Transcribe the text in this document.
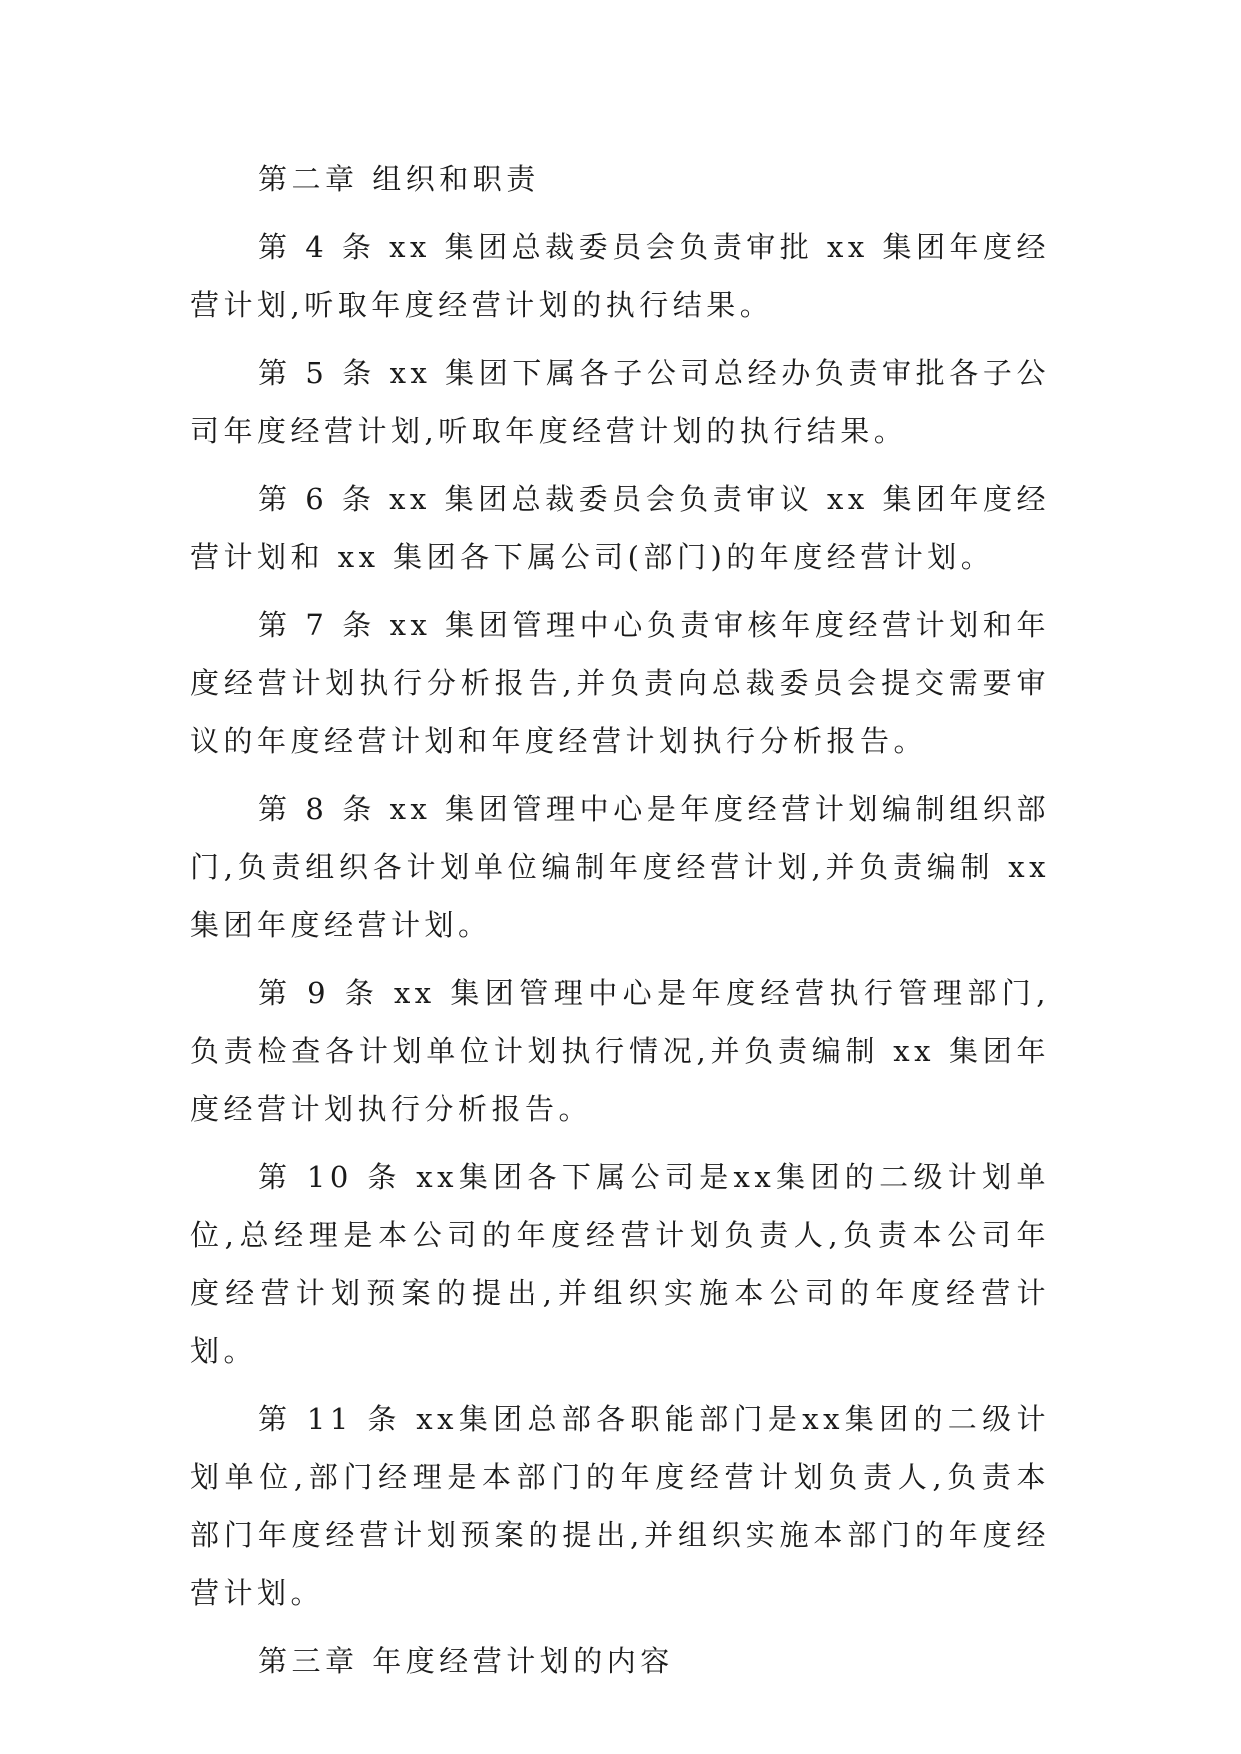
第二章 组织和职责

第 4 条 xx 集团总裁委员会负责审批 xx 集团年度经营计划,听取年度经营计划的执行结果。

第 5 条 xx 集团下属各子公司总经办负责审批各子公司年度经营计划,听取年度经营计划的执行结果。

第 6 条 xx 集团总裁委员会负责审议 xx 集团年度经营计划和 xx 集团各下属公司(部门)的年度经营计划。

第 7 条 xx 集团管理中心负责审核年度经营计划和年度经营计划执行分析报告,并负责向总裁委员会提交需要审议的年度经营计划和年度经营计划执行分析报告。

第 8 条 xx 集团管理中心是年度经营计划编制组织部门,负责组织各计划单位编制年度经营计划,并负责编制 xx 集团年度经营计划。

第 9 条 xx 集团管理中心是年度经营执行管理部门,负责检查各计划单位计划执行情况,并负责编制 xx 集团年度经营计划执行分析报告。

第 10 条 xx集团各下属公司是xx集团的二级计划单位,总经理是本公司的年度经营计划负责人,负责本公司年度经营计划预案的提出,并组织实施本公司的年度经营计划。

第 11 条 xx集团总部各职能部门是xx集团的二级计划单位,部门经理是本部门的年度经营计划负责人,负责本部门年度经营计划预案的提出,并组织实施本部门的年度经营计划。

第三章 年度经营计划的内容
